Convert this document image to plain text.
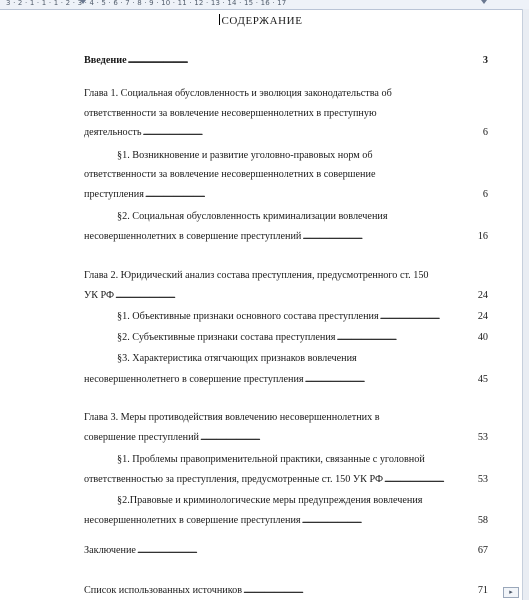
3 · 2 · 1 · 1 · 1 · 2 · 3 · 4 · 5 · 6 · 7 · 8 · 9 · 10 · 11 · 12 · 13 · 14 · 15 · 16 · 17
СОДЕРЖАНИЕ
Введение . . .	3
Глава 1. Социальная обусловленность и эволюция законодательства об
ответственности за вовлечение несовершеннолетних в преступную
деятельность . . .	6
§1. Возникновение и развитие уголовно-правовых норм об
ответственности за вовлечение несовершеннолетних в совершение
преступления . . .	6
§2. Социальная обусловленность криминализации вовлечения
несовершеннолетних в совершение преступлений . . .	16
Глава 2. Юридический анализ состава преступления, предусмотренного ст. 150
УК РФ . . .	24
§1. Объективные признаки основного состава преступления . . .	24
§2. Субъективные признаки состава преступления . . .	40
§3. Характеристика отягчающих признаков вовлечения
несовершеннолетнего в совершение преступления . . .	45
Глава 3. Меры противодействия вовлечению несовершеннолетних в
совершение преступлений . . .	53
§1. Проблемы правоприменительной практики, связанные с уголовной
ответственностью за преступления, предусмотренные ст. 150 УК РФ . . .	53
§2.Правовые и криминологические меры предупреждения вовлечения
несовершеннолетних в совершение преступления . . .	58
Заключение . . .	67
Список использованных источников . . .	71	▸
